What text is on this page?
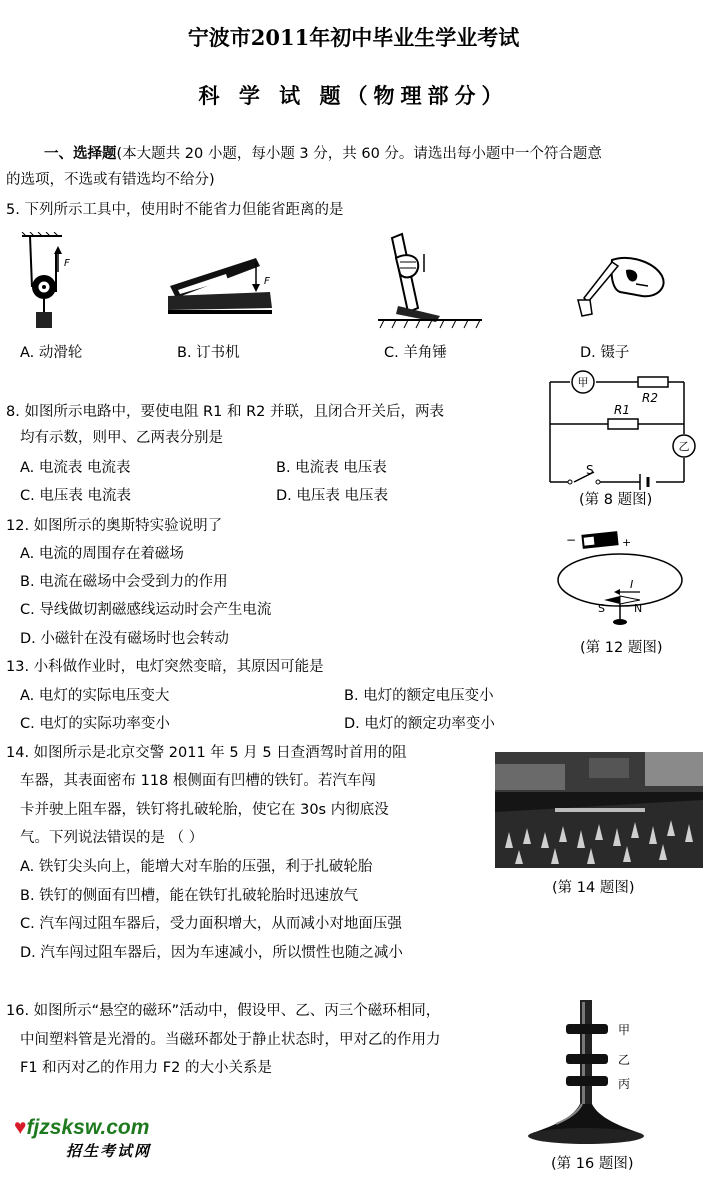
宁波市2011年初中毕业生学业考试
科 学 试 题（物理部分）
一、选择题(本大题共 20 小题，每小题 3 分，共 60 分。请选出每小题中一个符合题意
的选项，不选或有错选均不给分)
5. 下列所示工具中，使用时不能省力但能省距离的是
F
F
A. 动滑轮	B. 订书机	C. 羊角锤	D. 镊子
8. 如图所示电路中，要使电阻 R1 和 R2 并联，且闭合开关后，两表
均有示数，则甲、乙两表分别是
A. 电流表 电流表	B. 电流表 电压表
C. 电压表 电流表	D. 电压表 电压表
甲
乙
R2
R1
S
(第 8 题图)
12. 如图所示的奥斯特实验说明了
A. 电流的周围存在着磁场
B. 电流在磁场中会受到力的作用
C. 导线做切割磁感线运动时会产生电流
D. 小磁针在没有磁场时也会转动
−	+
I
S	N
(第 12 题图)
13. 小科做作业时，电灯突然变暗，其原因可能是
A. 电灯的实际电压变大	B. 电灯的额定电压变小
C. 电灯的实际功率变小	D. 电灯的额定功率变小
14. 如图所示是北京交警 2011 年 5 月 5 日查酒驾时首用的阻
车器，其表面密布 118 根侧面有凹槽的铁钉。若汽车闯
卡并驶上阻车器，铁钉将扎破轮胎，使它在 30s 内彻底没
气。下列说法错误的是 （ ）
A. 铁钉尖头向上，能增大对车胎的压强，利于扎破轮胎
B. 铁钉的侧面有凹槽，能在铁钉扎破轮胎时迅速放气
C. 汽车闯过阻车器后，受力面积增大，从而减小对地面压强
D. 汽车闯过阻车器后，因为车速减小，所以惯性也随之减小
(第 14 题图)
16. 如图所示“悬空的磁环”活动中，假设甲、乙、丙三个磁环相同，
中间塑料管是光滑的。当磁环都处于静止状态时，甲对乙的作用力
F1 和丙对乙的作用力 F2 的大小关系是
甲
乙
丙
(第 16 题图)
♥fjzsksw.com
招生考试网
